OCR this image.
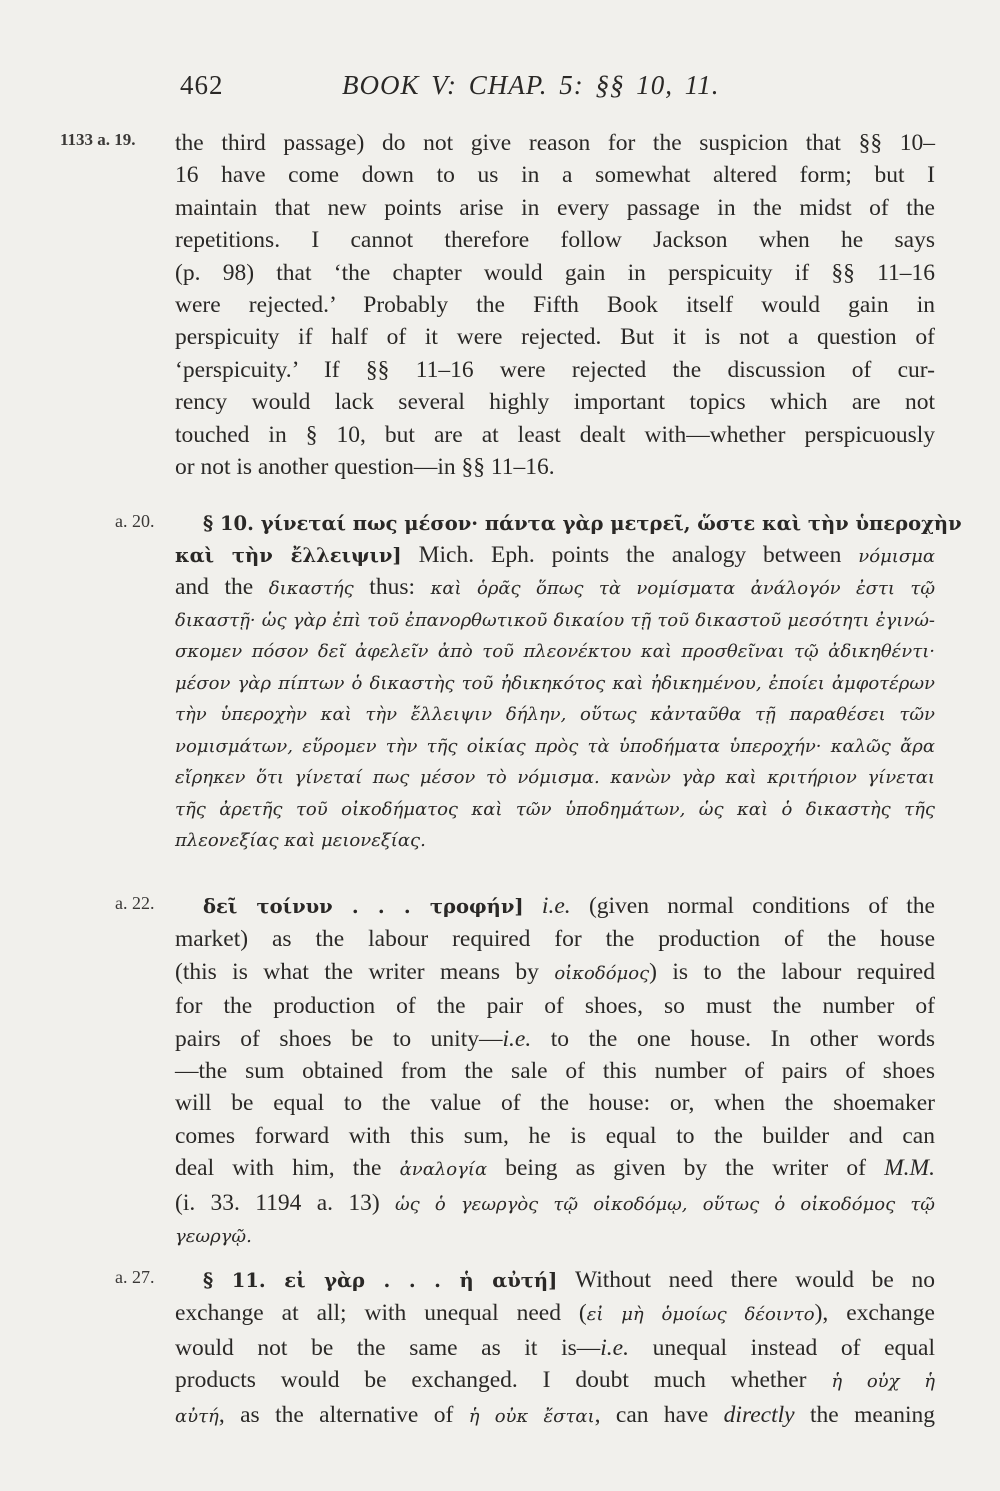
462	BOOK V: CHAP. 5: §§ 10, 11.
1133 a. 19.	the third passage) do not give reason for the suspicion that §§ 10–
16 have come down to us in a somewhat altered form; but I
maintain that new points arise in every passage in the midst of the
repetitions. I cannot therefore follow Jackson when he says
(p. 98) that ‘the chapter would gain in perspicuity if §§ 11–16
were rejected.’ Probably the Fifth Book itself would gain in
perspicuity if half of it were rejected. But it is not a question of
‘perspicuity.’ If §§ 11–16 were rejected the discussion of cur-
rency would lack several highly important topics which are not
touched in § 10, but are at least dealt with—whether perspicuously
or not is another question—in §§ 11–16.
a. 20.	§ 10. γίνεταί πως μέσον· πάντα γὰρ μετρεῖ, ὥστε καὶ τὴν ὑπεροχὴν
καὶ τὴν ἔλλειψιν] Mich. Eph. points the analogy between νόμισμα
and the δικαστής thus: καὶ ὁρᾶς ὅπως τὰ νομίσματα ἀνάλογόν ἐστι τῷ
δικαστῇ· ὡς γὰρ ἐπὶ τοῦ ἐπανορθωτικοῦ δικαίου τῇ τοῦ δικαστοῦ μεσότητι ἐγινώ-
σκομεν πόσον δεῖ ἀφελεῖν ἀπὸ τοῦ πλεονέκτου καὶ προσθεῖναι τῷ ἀδικηθέντι·
μέσον γὰρ πίπτων ὁ δικαστὴς τοῦ ἠδικηκότος καὶ ἠδικημένου, ἐποίει ἀμφοτέρων
τὴν ὑπεροχὴν καὶ τὴν ἔλλειψιν δήλην, οὕτως κἀνταῦθα τῇ παραθέσει τῶν
νομισμάτων, εὕρομεν τὴν τῆς οἰκίας πρὸς τὰ ὑποδήματα ὑπεροχήν· καλῶς ἄρα
εἴρηκεν ὅτι γίνεταί πως μέσον τὸ νόμισμα. κανὼν γὰρ καὶ κριτήριον γίνεται
τῆς ἀρετῆς τοῦ οἰκοδήματος καὶ τῶν ὑποδημάτων, ὡς καὶ ὁ δικαστὴς τῆς
πλεονεξίας καὶ μειονεξίας.
a. 22.	δεῖ τοίνυν . . . τροφήν] i.e. (given normal conditions of the
market) as the labour required for the production of the house
(this is what the writer means by οἰκοδόμος) is to the labour required
for the production of the pair of shoes, so must the number of
pairs of shoes be to unity—i.e. to the one house. In other words
—the sum obtained from the sale of this number of pairs of shoes
will be equal to the value of the house: or, when the shoemaker
comes forward with this sum, he is equal to the builder and can
deal with him, the ἀναλογία being as given by the writer of M.M.
(i. 33. 1194 a. 13) ὡς ὁ γεωργὸς τῷ οἰκοδόμῳ, οὕτως ὁ οἰκοδόμος τῷ
γεωργῷ.
a. 27.	§ 11. εἰ γὰρ . . . ἡ αὐτή] Without need there would be no
exchange at all; with unequal need (εἰ μὴ ὁμοίως δέοιντο), exchange
would not be the same as it is—i.e. unequal instead of equal
products would be exchanged. I doubt much whether ἡ οὐχ ἡ
αὐτή, as the alternative of ἡ οὐκ ἔσται, can have directly the meaning
